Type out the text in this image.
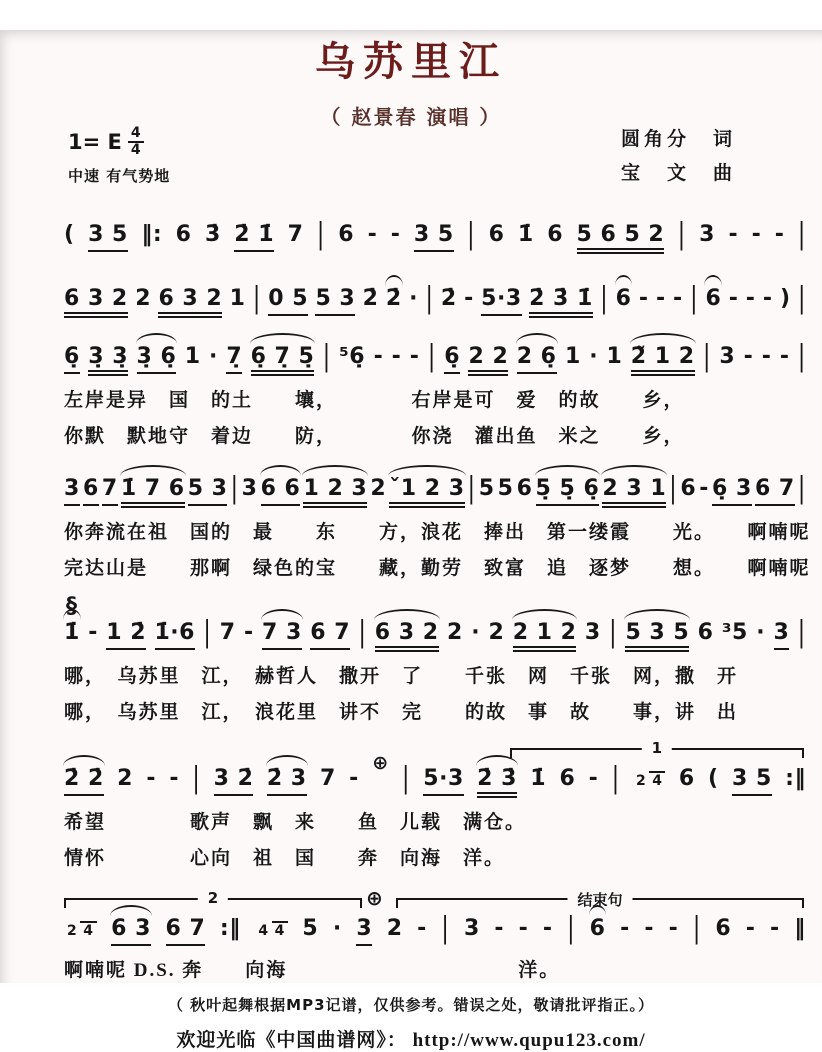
乌苏里江
（ 赵景春 演唱 ）
1= E $\frac{4}{4}$
中速 有气势地
圆角分　词
宝　文　曲
( 3 5 ‖: 6 3̇ 2̇ 1̇ 7 | 6 - - 3 5 | 6 1̇ 6 5 6 5 2 | 3 - - - |
6 3 2 2 6 3 2 1 | 0 5 5 3 2̇ 2̇ · | 2̇ - 5·3 2̇ 3̇ 1̇ | 6 - - - | 6 - - - ) |
6̣ 3̣ 3̣ 3̣ 6̣ 1 · 7̣ 6̣ 7̣ 5̣ | ⁵6̣ - - - | 6̣ 2 2 2 6̣ 1 · 1 2̃ 1 2 | 3 - - - |
左岸是异　国　的土　　壤，　　　　右岸是可　爱　的故　　乡，
你默　默地守　着边　　防，　　　　你浇　灌出鱼　米之　　乡，
3 6 7 1̇ 7 6 5 3 | 3 6 6 1 2 3 2 ˇ1 2 3 | 5 5 6 5̣ 5̣ 6̣ 2 3 1 | 6 - 6̣ 3 6 7 |
你奔流在祖　国的　最　　东　　方，浪花　捧出　第一缕霞　　光。　　啊喃呢
完达山是　　那啊　绿色的宝　　藏，勤劳　致富　追　逐梦　　想。　　啊喃呢
§
1̇ - 1 2̇ 1̇·6 | 7 - 7 3 6 7 | 6 3 2 2 · 2 2 1 2 3 | 5 3 5 6 ³5 · 3 |
哪，　乌苏里　江，　赫哲人　撒开　了　　千张　网　千张　网，撒　开
哪，　乌苏里　江，　浪花里　讲不　完　　的故　事　故　　事，讲　出
1
2̇ 2̇ 2 - - | 3 2̇ 2̇ 3 7 -
⊕ | 5·3 2̇ 3̇ 1̇ 6 - | 2 4 6 ( 3 5 :‖
希望　　　　歌声　飘　来　　鱼　儿载　满仓。
情怀　　　　心向　祖　国　　奔　向海　洋。
2	⊕	结束句
2 4 6 3 6 7 :‖ 4 4 5 · 3 2 - | 3 - - - | 6 - - - | 6 - - ‖
啊喃呢 D.S. 奔　　向海　　　　　　　　　　　洋。
（ 秋叶起舞根据MP3记谱，仅供参考。错误之处，敬请批评指正。）
欢迎光临《中国曲谱网》： http://www.qupu123.com/
